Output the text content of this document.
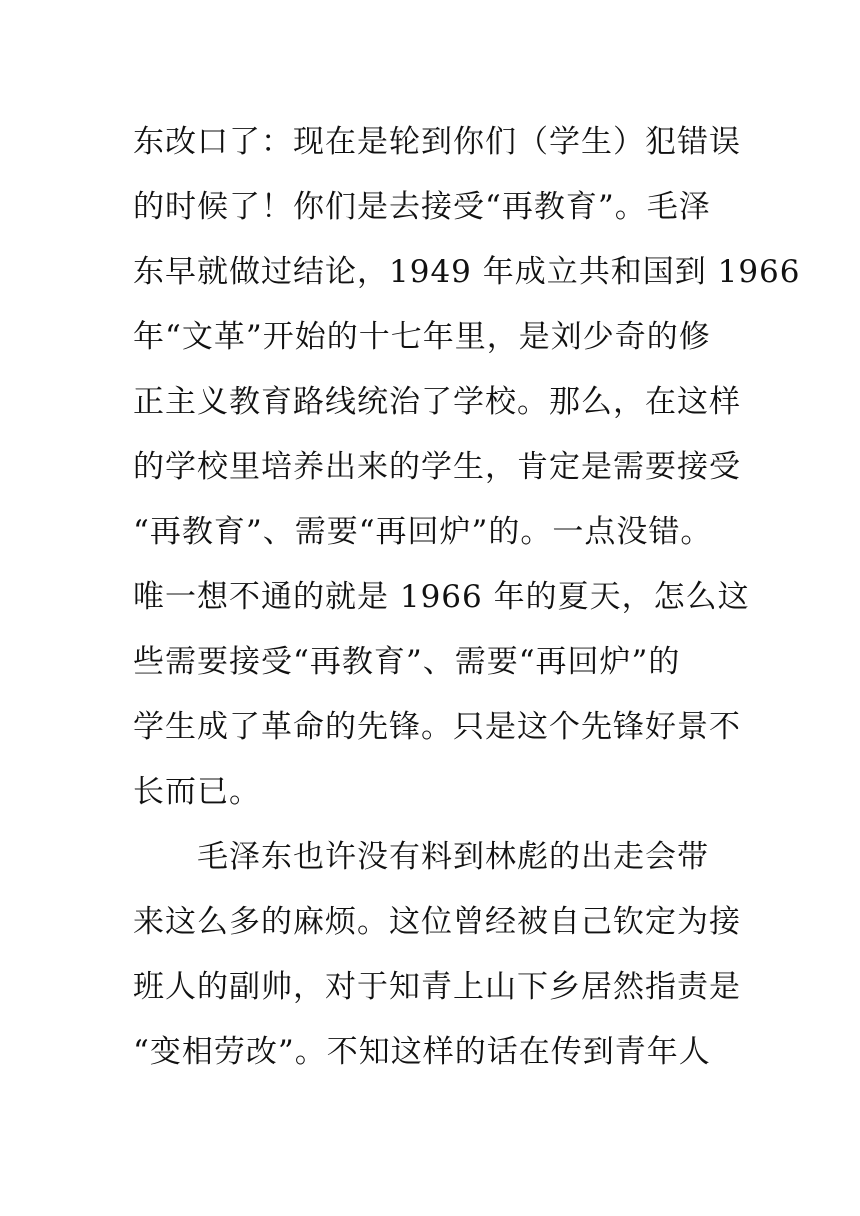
东改口了：现在是轮到你们（学生）犯错误
的时候了！你们是去接受“再教育”。毛泽
东早就做过结论，1949 年成立共和国到 1966
年“文革”开始的十七年里，是刘少奇的修
正主义教育路线统治了学校。那么，在这样
的学校里培养出来的学生，肯定是需要接受
“再教育”、需要“再回炉”的。一点没错。
唯一想不通的就是 1966 年的夏天，怎么这
些需要接受“再教育”、需要“再回炉”的
学生成了革命的先锋。只是这个先锋好景不
长而已。
毛泽东也许没有料到林彪的出走会带
来这么多的麻烦。这位曾经被自己钦定为接
班人的副帅，对于知青上山下乡居然指责是
“变相劳改”。不知这样的话在传到青年人
